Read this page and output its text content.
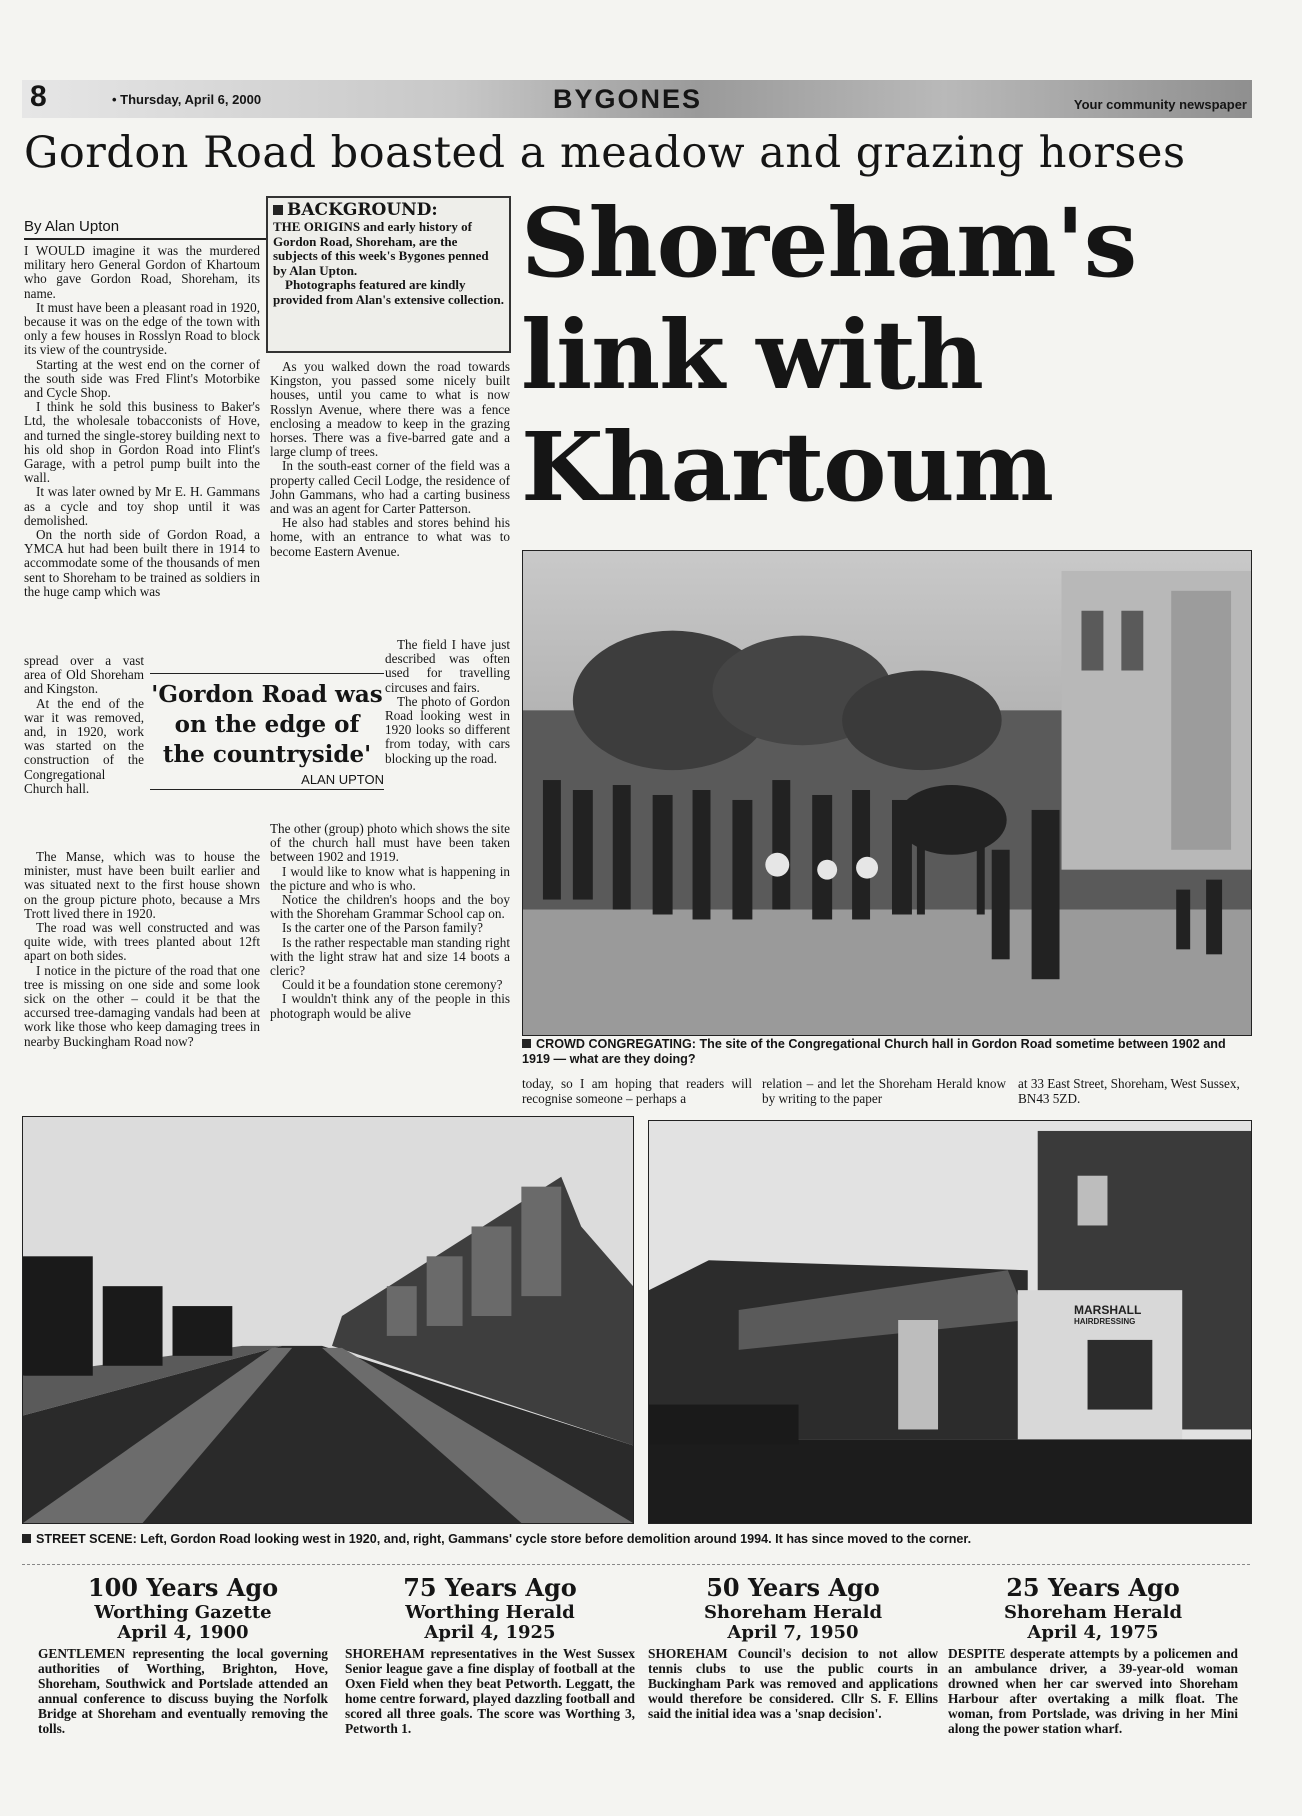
8	• Thursday, April 6, 2000	BYGONES	Your community newspaper
Gordon Road boasted a meadow and grazing horses
By Alan Upton

I WOULD imagine it was the murdered military hero General Gordon of Khartoum who gave Gordon Road, Shoreham, its name.

It must have been a pleasant road in 1920, because it was on the edge of the town with only a few houses in Rosslyn Road to block its view of the countryside.

Starting at the west end on the corner of the south side was Fred Flint's Motorbike and Cycle Shop.

I think he sold this business to Baker's Ltd, the wholesale tobacconists of Hove, and turned the single-storey building next to his old shop in Gordon Road into Flint's Garage, with a petrol pump built into the wall.

It was later owned by Mr E. H. Gammans as a cycle and toy shop until it was demolished.

On the north side of Gordon Road, a YMCA hut had been built there in 1914 to accommodate some of the thousands of men sent to Shoreham to be trained as soldiers in the huge camp which was

spread over a vast area of Old Shoreham and Kingston.

At the end of the war it was removed, and, in 1920, work was started on the construction of the Congregational Church hall.

The Manse, which was to house the minister, must have been built earlier and was situated next to the first house shown on the group picture photo, because a Mrs Trott lived there in 1920.

The road was well constructed and was quite wide, with trees planted about 12ft apart on both sides.

I notice in the picture of the road that one tree is missing on one side and some look sick on the other – could it be that the accursed tree-damaging vandals had been at work like those who keep damaging trees in nearby Buckingham Road now?

BACKGROUND:
THE ORIGINS and early history of Gordon Road, Shoreham, are the subjects of this week's Bygones penned by Alan Upton.
Photographs featured are kindly provided from Alan's extensive collection.

As you walked down the road towards Kingston, you passed some nicely built houses, until you came to what is now Rosslyn Avenue, where there was a fence enclosing a meadow to keep in the grazing horses. There was a five-barred gate and a large clump of trees.

In the south-east corner of the field was a property called Cecil Lodge, the residence of John Gammans, who had a carting business and was an agent for Carter Patterson.

He also had stables and stores behind his home, with an entrance to what was to become Eastern Avenue.

The field I have just described was often used for travelling circuses and fairs.

The photo of Gordon Road looking west in 1920 looks so different from today, with cars blocking up the road.

The other (group) photo which shows the site of the church hall must have been taken between 1902 and 1919.

I would like to know what is happening in the picture and who is who.

Notice the children's hoops and the boy with the Shoreham Grammar School cap on.

Is the carter one of the Parson family?

Is the rather respectable man standing right with the light straw hat and size 14 boots a cleric?

Could it be a foundation stone ceremony?

I wouldn't think any of the people in this photograph would be alive

'Gordon Road was on the edge of the countryside'
ALAN UPTON
Shoreham's
link with
Khartoum
CROWD CONGREGATING: The site of the Congregational Church hall in Gordon Road sometime between 1902 and 1919 — what are they doing?
today, so I am hoping that readers will recognise someone – perhaps a
relation – and let the Shoreham Herald know by writing to the paper
at 33 East Street, Shoreham, West Sussex, BN43 5ZD.
MARSHALL
HAIRDRESSING
STREET SCENE: Left, Gordon Road looking west in 1920, and, right, Gammans' cycle store before demolition around 1994. It has since moved to the corner.
100 Years Ago
Worthing Gazette
April 4, 1900
GENTLEMEN representing the local governing authorities of Worthing, Brighton, Hove, Shoreham, Southwick and Portslade attended an annual conference to discuss buying the Norfolk Bridge at Shoreham and eventually removing the tolls.
75 Years Ago
Worthing Herald
April 4, 1925
SHOREHAM representatives in the West Sussex Senior league gave a fine display of football at the Oxen Field when they beat Petworth. Leggatt, the home centre forward, played dazzling football and scored all three goals. The score was Worthing 3, Petworth 1.
50 Years Ago
Shoreham Herald
April 7, 1950
SHOREHAM Council's decision to not allow tennis clubs to use the public courts in Buckingham Park was removed and applications would therefore be considered. Cllr S. F. Ellins said the initial idea was a 'snap decision'.
25 Years Ago
Shoreham Herald
April 4, 1975
DESPITE desperate attempts by a policemen and an ambulance driver, a 39-year-old woman drowned when her car swerved into Shoreham Harbour after overtaking a milk float. The woman, from Portslade, was driving in her Mini along the power station wharf.
